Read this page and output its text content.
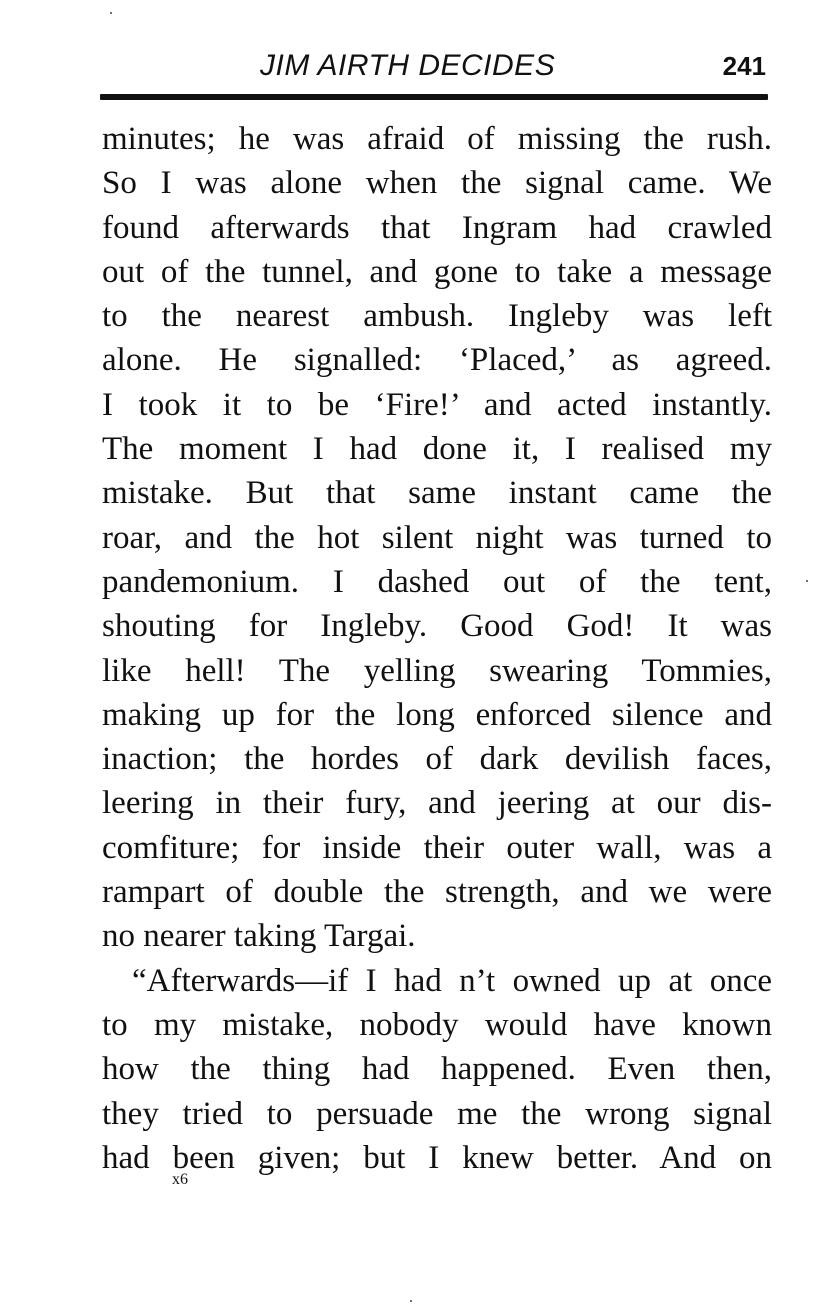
JIM AIRTH DECIDES	241
minutes; he was afraid of missing the rush.
So I was alone when the signal came. We
found afterwards that Ingram had crawled
out of the tunnel, and gone to take a message
to the nearest ambush. Ingleby was left
alone. He signalled: ‘Placed,’ as agreed.
I took it to be ‘Fire!’ and acted instantly.
The moment I had done it, I realised my
mistake. But that same instant came the
roar, and the hot silent night was turned to
pandemonium. I dashed out of the tent,
shouting for Ingleby. Good God! It was
like hell! The yelling swearing Tommies,
making up for the long enforced silence and
inaction; the hordes of dark devilish faces,
leering in their fury, and jeering at our dis-
comfiture; for inside their outer wall, was a
rampart of double the strength, and we were
no nearer taking Targai.
“Afterwards—if I had n’t owned up at once
to my mistake, nobody would have known
how the thing had happened. Even then,
they tried to persuade me the wrong signal
had been given; but I knew better. And on
x6
